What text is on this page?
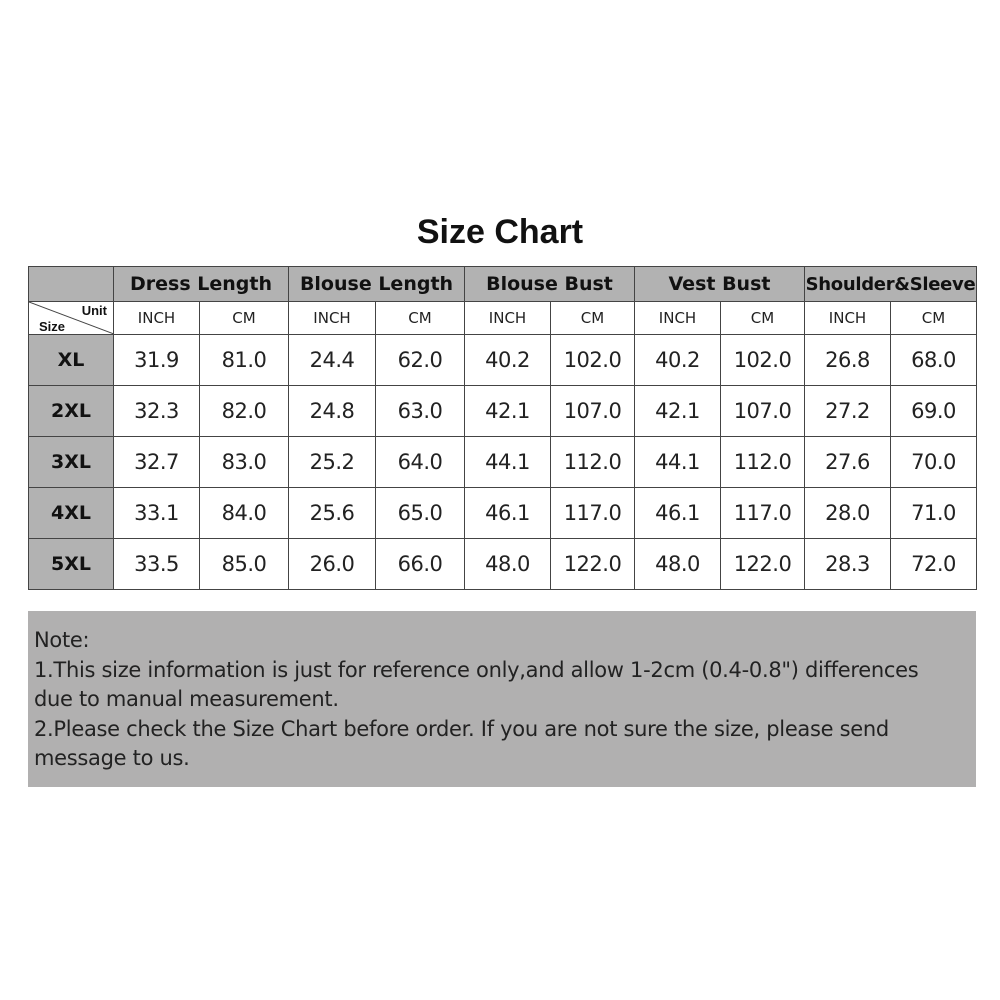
Size Chart
	Dress Length		Blouse Length		Blouse Bust		Vest Bust		Shoulder&Sleeve	

Unit
Size	INCH	CM	INCH	CM	INCH	CM	INCH	CM	INCH	CM
XL	31.9	81.0	24.4	62.0	40.2	102.0	40.2	102.0	26.8	68.0
2XL	32.3	82.0	24.8	63.0	42.1	107.0	42.1	107.0	27.2	69.0
3XL	32.7	83.0	25.2	64.0	44.1	112.0	44.1	112.0	27.6	70.0
4XL	33.1	84.0	25.6	65.0	46.1	117.0	46.1	117.0	28.0	71.0
5XL	33.5	85.0	26.0	66.0	48.0	122.0	48.0	122.0	28.3	72.0
Note:
1.This size information is just for reference only,and allow 1-2cm (0.4-0.8") differences
due to manual measurement.
2.Please check the Size Chart before order. If you are not sure the size, please send
message to us.
